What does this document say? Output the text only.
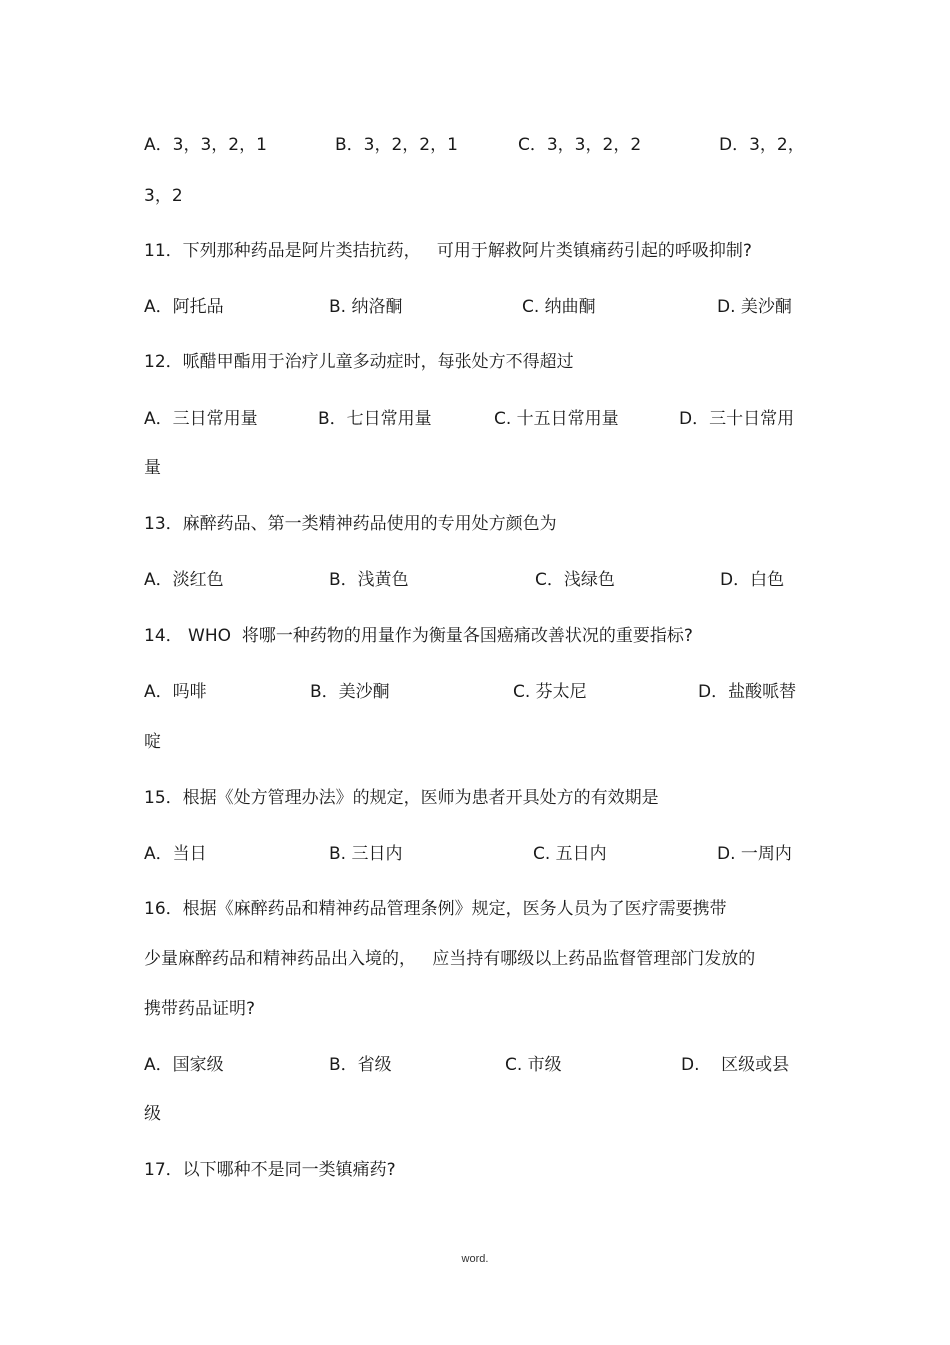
A．3，3，2，1	B．3，2，2，1	C．3，3，2，2	D．3，2，
3，2
11．下列那种药品是阿片类拮抗药，   可用于解救阿片类镇痛药引起的呼吸抑制?
A．阿托品	B. 纳洛酮	C. 纳曲酮	D. 美沙酮
12．哌醋甲酯用于治疗儿童多动症时，每张处方不得超过
A．三日常用量	B．七日常用量	C. 十五日常用量	D．三十日常用
量
13．麻醉药品、第一类精神药品使用的专用处方颜色为
A．淡红色	B．浅黄色	C．浅绿色	D．白色
14． WHO  将哪一种药物的用量作为衡量各国癌痛改善状况的重要指标?
A．吗啡	B．美沙酮	C. 芬太尼	D．盐酸哌替
啶
15．根据《处方管理办法》的规定，医师为患者开具处方的有效期是
A．当日	B. 三日内	C. 五日内	D. 一周内
16．根据《麻醉药品和精神药品管理条例》规定，医务人员为了医疗需要携带
少量麻醉药品和精神药品出入境的，   应当持有哪级以上药品监督管理部门发放的
携带药品证明?
A．国家级	B．省级	C. 市级	D.    区级或县
级
17．以下哪种不是同一类镇痛药?
word.
